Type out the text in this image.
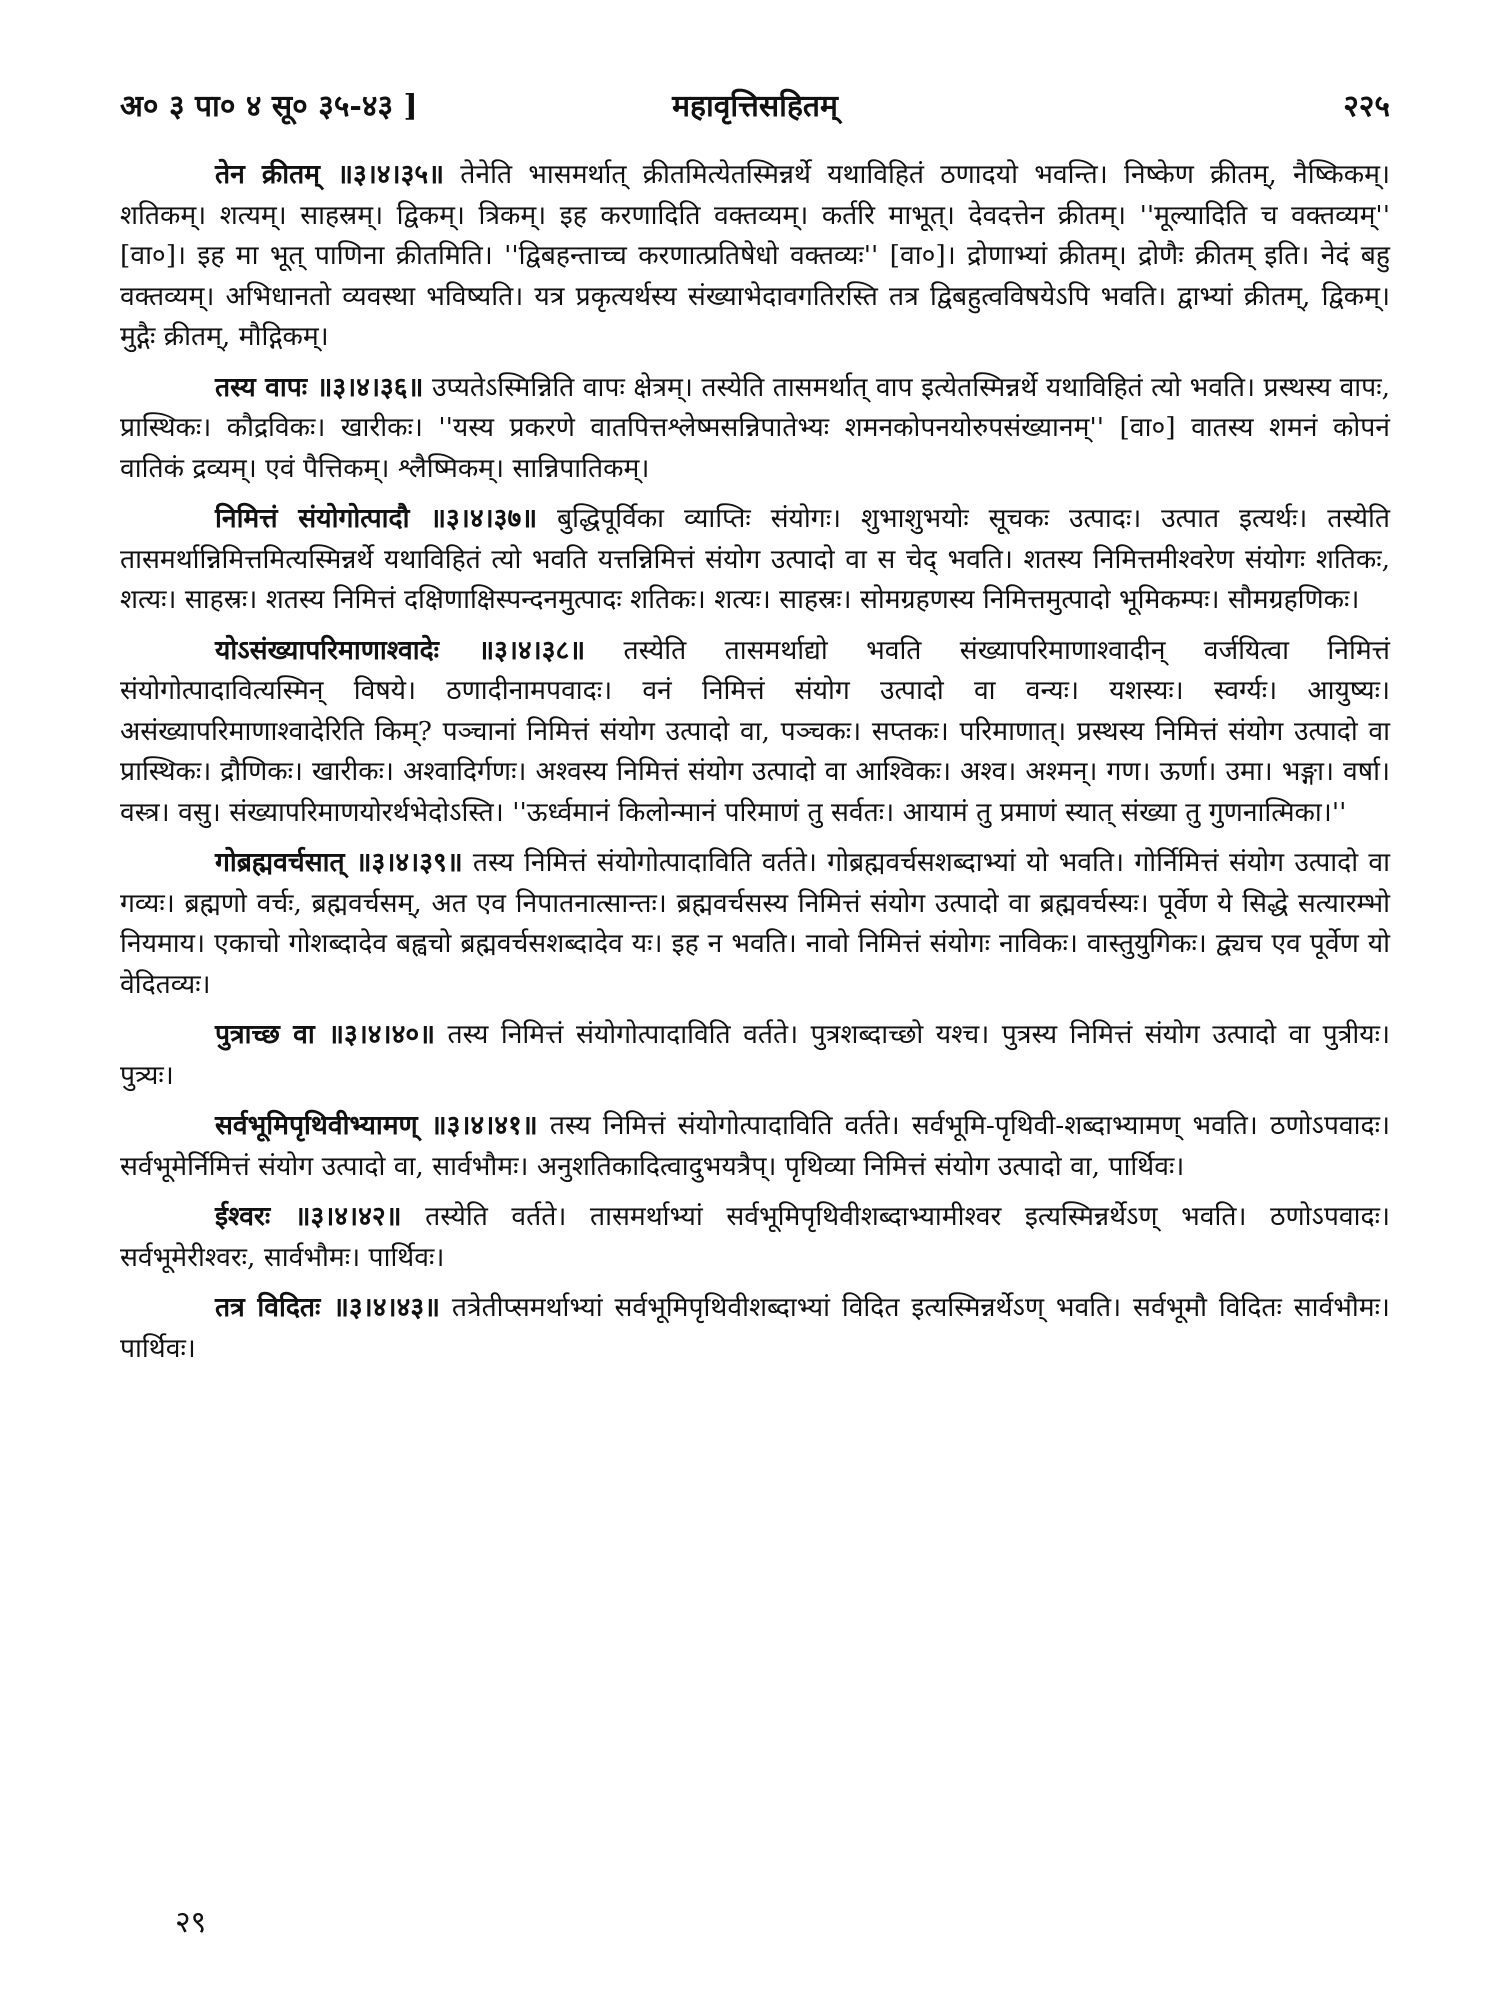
अ० ३ पा० ४ सू० ३५-४३ ]	महावृत्तिसहितम्	२२५

तेन क्रीतम् ॥३।४।३५॥ तेनेति भासमर्थात् क्रीतमित्येतस्मिन्नर्थे यथाविहितं ठणादयो भवन्ति। निष्केण क्रीतम्, नैष्किकम्। शतिकम्। शत्यम्। साहस्रम्। द्विकम्। त्रिकम्। इह करणादिति वक्तव्यम्। कर्तरि माभूत्। देवदत्तेन क्रीतम्। ''मूल्यादिति च वक्तव्यम्'' [वा०]। इह मा भूत् पाणिना क्रीतमिति। ''द्विबहन्ताच्च करणात्प्रतिषेधो वक्तव्यः'' [वा०]। द्रोणाभ्यां क्रीतम्। द्रोणैः क्रीतम् इति। नेदं बहु वक्तव्यम्। अभिधानतो व्यवस्था भविष्यति। यत्र प्रकृत्यर्थस्य संख्याभेदावगतिरस्ति तत्र द्विबहुत्वविषयेऽपि भवति। द्वाभ्यां क्रीतम्, द्विकम्। मुद्गैः क्रीतम्, मौद्गिकम्।

तस्य वापः ॥३।४।३६॥ उप्यतेऽस्मिन्निति वापः क्षेत्रम्। तस्येति तासमर्थात् वाप इत्येतस्मिन्नर्थे यथाविहितं त्यो भवति। प्रस्थस्य वापः, प्रास्थिकः। कौद्रविकः। खारीकः। ''यस्य प्रकरणे वातपित्तश्लेष्मसन्निपातेभ्यः शमनकोपनयोरुपसंख्यानम्'' [वा०] वातस्य शमनं कोपनं वातिकं द्रव्यम्। एवं पैत्तिकम्। श्लैष्मिकम्। सान्निपातिकम्।

निमित्तं संयोगोत्पादौ ॥३।४।३७॥ बुद्धिपूर्विका व्याप्तिः संयोगः। शुभाशुभयोः सूचकः उत्पादः। उत्पात इत्यर्थः। तस्येति तासमर्थान्निमित्तमित्यस्मिन्नर्थे यथाविहितं त्यो भवति यत्तन्निमित्तं संयोग उत्पादो वा स चेद् भवति। शतस्य निमित्तमीश्वरेण संयोगः शतिकः, शत्यः। साहस्रः। शतस्य निमित्तं दक्षिणाक्षिस्पन्दनमुत्पादः शतिकः। शत्यः। साहस्रः। सोमग्रहणस्य निमित्तमुत्पादो भूमिकम्पः। सौमग्रहणिकः।

योऽसंख्यापरिमाणाश्वादेः ॥३।४।३८॥ तस्येति तासमर्थाद्यो भवति संख्यापरिमाणाश्वादीन् वर्जयित्वा निमित्तं संयोगोत्पादावित्यस्मिन् विषये। ठणादीनामपवादः। वनं निमित्तं संयोग उत्पादो वा वन्यः। यशस्यः। स्वर्ग्यः। आयुष्यः। असंख्यापरिमाणाश्वादेरिति किम्? पञ्चानां निमित्तं संयोग उत्पादो वा, पञ्चकः। सप्तकः। परिमाणात्। प्रस्थस्य निमित्तं संयोग उत्पादो वा प्रास्थिकः। द्रौणिकः। खारीकः। अश्वादिर्गणः। अश्वस्य निमित्तं संयोग उत्पादो वा आश्विकः। अश्व। अश्मन्। गण। ऊर्णा। उमा। भङ्गा। वर्षा। वस्त्र। वसु। संख्यापरिमाणयोरर्थभेदोऽस्ति। ''ऊर्ध्वमानं किलोन्मानं परिमाणं तु सर्वतः। आयामं तु प्रमाणं स्यात् संख्या तु गुणनात्मिका।''

गोब्रह्मवर्चसात् ॥३।४।३९॥ तस्य निमित्तं संयोगोत्पादाविति वर्तते। गोब्रह्मवर्चसशब्दाभ्यां यो भवति। गोर्निमित्तं संयोग उत्पादो वा गव्यः। ब्रह्मणो वर्चः, ब्रह्मवर्चसम्, अत एव निपातनात्सान्तः। ब्रह्मवर्चसस्य निमित्तं संयोग उत्पादो वा ब्रह्मवर्चस्यः। पूर्वेण ये सिद्धे सत्यारम्भो नियमाय। एकाचो गोशब्दादेव बह्वचो ब्रह्मवर्चसशब्दादेव यः। इह न भवति। नावो निमित्तं संयोगः नाविकः। वास्तुयुगिकः। द्व्यच एव पूर्वेण यो वेदितव्यः।

पुत्राच्छ वा ॥३।४।४०॥ तस्य निमित्तं संयोगोत्पादाविति वर्तते। पुत्रशब्दाच्छो यश्च। पुत्रस्य निमित्तं संयोग उत्पादो वा पुत्रीयः। पुत्र्यः।

सर्वभूमिपृथिवीभ्यामण् ॥३।४।४१॥ तस्य निमित्तं संयोगोत्पादाविति वर्तते। सर्वभूमि-पृथिवी-शब्दाभ्यामण् भवति। ठणोऽपवादः। सर्वभूमेर्निमित्तं संयोग उत्पादो वा, सार्वभौमः। अनुशतिकादित्वादुभयत्रैप्। पृथिव्या निमित्तं संयोग उत्पादो वा, पार्थिवः।

ईश्वरः ॥३।४।४२॥ तस्येति वर्तते। तासमर्थाभ्यां सर्वभूमिपृथिवीशब्दाभ्यामीश्वर इत्यस्मिन्नर्थेऽण् भवति। ठणोऽपवादः। सर्वभूमेरीश्वरः, सार्वभौमः। पार्थिवः।

तत्र विदितः ॥३।४।४३॥ तत्रेतीप्समर्थाभ्यां सर्वभूमिपृथिवीशब्दाभ्यां विदित इत्यस्मिन्नर्थेऽण् भवति। सर्वभूमौ विदितः सार्वभौमः। पार्थिवः।

२९
